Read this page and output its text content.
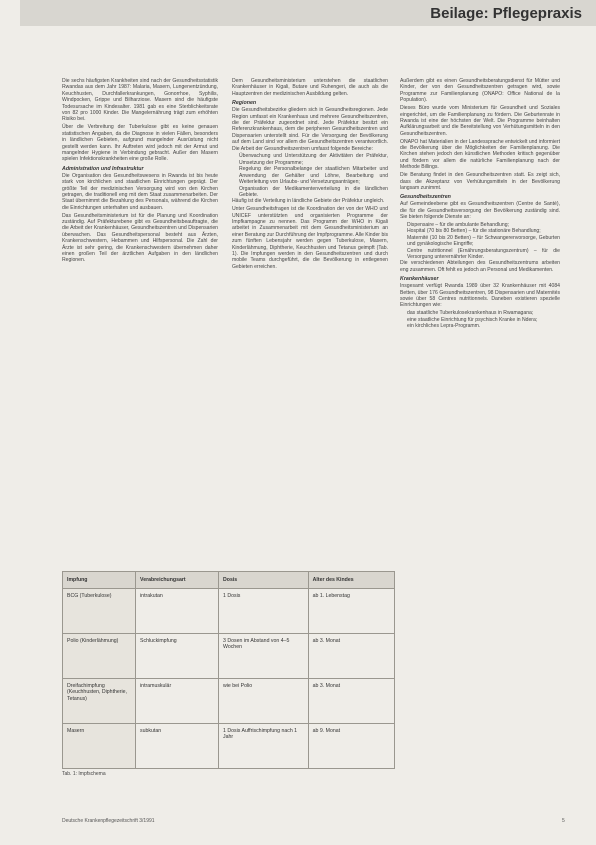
Beilage: Pflegepraxis

Die sechs häufigsten Krankheiten sind nach der Gesundheitsstatistik Rwandas aus dem Jahr 1987: Malaria, Masern, Lungenentzündung, Keuchhusten, Durchfallerkrankungen, Gonorrhoe, Syphilis, Windpocken, Grippe und Bilharziose. Masern sind die häufigste Todesursache im Kindesalter. 1981 gab es eine Sterblichkeitsrate von 82 pro 1000 Kinder. Die Mangelernährung trägt zum erhöhten Risiko bei.

Über die Verbreitung der Tuberkulose gibt es keine genauen statistischen Angaben, da die Diagnose in vielen Fällen, besonders in ländlichen Gebieten, aufgrund mangelnder Ausrüstung nicht gestellt werden kann. Ihr Auftreten wird jedoch mit der Armut und mangelnder Hygiene in Verbindung gebracht. Außer den Masern spielen Infektionskrankheiten eine große Rolle.

Administration und Infrastruktur

Die Organisation des Gesundheitswesens in Rwanda ist bis heute stark von kirchlichen und staatlichen Einrichtungen geprägt. Der größte Teil der medizinischen Versorgung wird von den Kirchen getragen, die traditionell eng mit dem Staat zusammenarbeiten. Der Staat übernimmt die Bezahlung des Personals, während die Kirchen die Einrichtungen unterhalten und ausbauen.

Das Gesundheitsministerium ist für die Planung und Koordination zuständig. Auf Präfekturebene gibt es Gesundheitsbeauftragte, die die Arbeit der Krankenhäuser, Gesundheitszentren und Dispensarien überwachen. Das Gesundheitspersonal besteht aus Ärzten, Krankenschwestern, Hebammen und Hilfspersonal. Die Zahl der Ärzte ist sehr gering, die Krankenschwestern übernehmen daher einen großen Teil der ärztlichen Aufgaben in den ländlichen Regionen.

Dem Gesundheitsministerium unterstehen die staatlichen Krankenhäuser in Kigali, Butare und Ruhengeri, die auch als die Hauptzentren der medizinischen Ausbildung gelten.

Regionen

Die Gesundheitsbezirke gliedern sich in Gesundheitsregionen. Jede Region umfasst ein Krankenhaus und mehrere Gesundheitszentren, die der Präfektur zugeordnet sind. Jede Präfektur besitzt ein Referenzkrankenhaus, dem die peripheren Gesundheitszentren und Dispensarien unterstellt sind. Für die Versorgung der Bevölkerung auf dem Land sind vor allem die Gesundheitszentren verantwortlich. Die Arbeit der Gesundheitszentren umfasst folgende Bereiche:

• Überwachung und Unterstützung der Aktivitäten der Präfektur, Umsetzung der Programme;
• Regelung der Personalbelange der staatlichen Mitarbeiter und Anwendung der Gehälter und Löhne, Bearbeitung und Weiterleitung von Urlaubs- und Versetzungsanträgen;
• Organisation der Medikamentenverteilung in die ländlichen Gebiete.

Häufig ist die Verteilung in ländliche Gebiete der Präfektur ungleich.

Unter Gesundheitsfragen ist die Koordination der von der WHO und UNICEF unterstützten und organisierten Programme der Impfkampagne zu nennen. Das Programm der WHO in Kigali arbeitet in Zusammenarbeit mit dem Gesundheitsministerium an einer Beratung zur Durchführung der Impfprogramme. Alle Kinder bis zum fünften Lebensjahr werden gegen Tuberkulose, Masern, Kinderlähmung, Diphtherie, Keuchhusten und Tetanus geimpft (Tab. 1). Die Impfungen werden in den Gesundheitszentren und durch mobile Teams durchgeführt, die die Bevölkerung in entlegenen Gebieten erreichen.

Außerdem gibt es einen Gesundheitsberatungsdienst für Mütter und Kinder, der von den Gesundheitszentren getragen wird, sowie Programme zur Familienplanung (ONAPO: Office National de la Population).

Dieses Büro wurde vom Ministerium für Gesundheit und Soziales eingerichtet, um die Familienplanung zu fördern. Die Geburtenrate in Rwanda ist eine der höchsten der Welt. Die Programme beinhalten Aufklärungsarbeit und die Bereitstellung von Verhütungsmitteln in den Gesundheitszentren.

ONAPO hat Materialien in der Landessprache entwickelt und informiert die Bevölkerung über die Möglichkeiten der Familienplanung. Die Kirchen stehen jedoch den künstlichen Methoden kritisch gegenüber und fördern vor allem die natürliche Familienplanung nach der Methode Billings.

Die Beratung findet in den Gesundheitszentren statt. Es zeigt sich, dass die Akzeptanz von Verhütungsmitteln in der Bevölkerung langsam zunimmt.

Gesundheitszentren

Auf Gemeindeebene gibt es Gesundheitszentren (Centre de Santé), die für die Gesundheitsversorgung der Bevölkerung zuständig sind. Sie bieten folgende Dienste an:

• Dispensaire – für die ambulante Behandlung;
• Hospital (70 bis 80 Betten) – für die stationäre Behandlung;
• Maternité (10 bis 20 Betten) – für Schwangerenvorsorge, Geburten und gynäkologische Eingriffe;
• Centre nutritionnel (Ernährungsberatungszentrum) – für die Versorgung unterernährter Kinder.

Die verschiedenen Abteilungen des Gesundheitszentrums arbeiten eng zusammen. Oft fehlt es jedoch an Personal und Medikamenten.

Krankenhäuser

Insgesamt verfügt Rwanda 1989 über 32 Krankenhäuser mit 4084 Betten, über 176 Gesundheitszentren, 98 Dispensarien und Maternités sowie über 58 Centres nutritionnels. Daneben existieren spezielle Einrichtungen wie:

• das staatliche Tuberkulosekrankenhaus in Rwamagana;
• eine staatliche Einrichtung für psychisch Kranke in Ndera;
• ein kirchliches Lepra-Programm.
Impfung	Verabreichungsart	Dosis	Alter des Kindes
BCG (Tuberkulose)	intrakutan	1 Dosis	ab 1. Lebenstag
Polio (Kinderlähmung)	Schluckimpfung	3 Dosen im Abstand von 4–5 Wochen	ab 3. Monat
Dreifachimpfung (Keuchhusten, Diphtherie, Tetanus)	intramuskulär	wie bei Polio	ab 3. Monat
Masern	subkutan	1 Dosis Auffrischimpfung nach 1 Jahr	ab 9. Monat
Tab. 1: Impfschema
Deutsche Krankenpflegezeitschrift 3/1991	5
